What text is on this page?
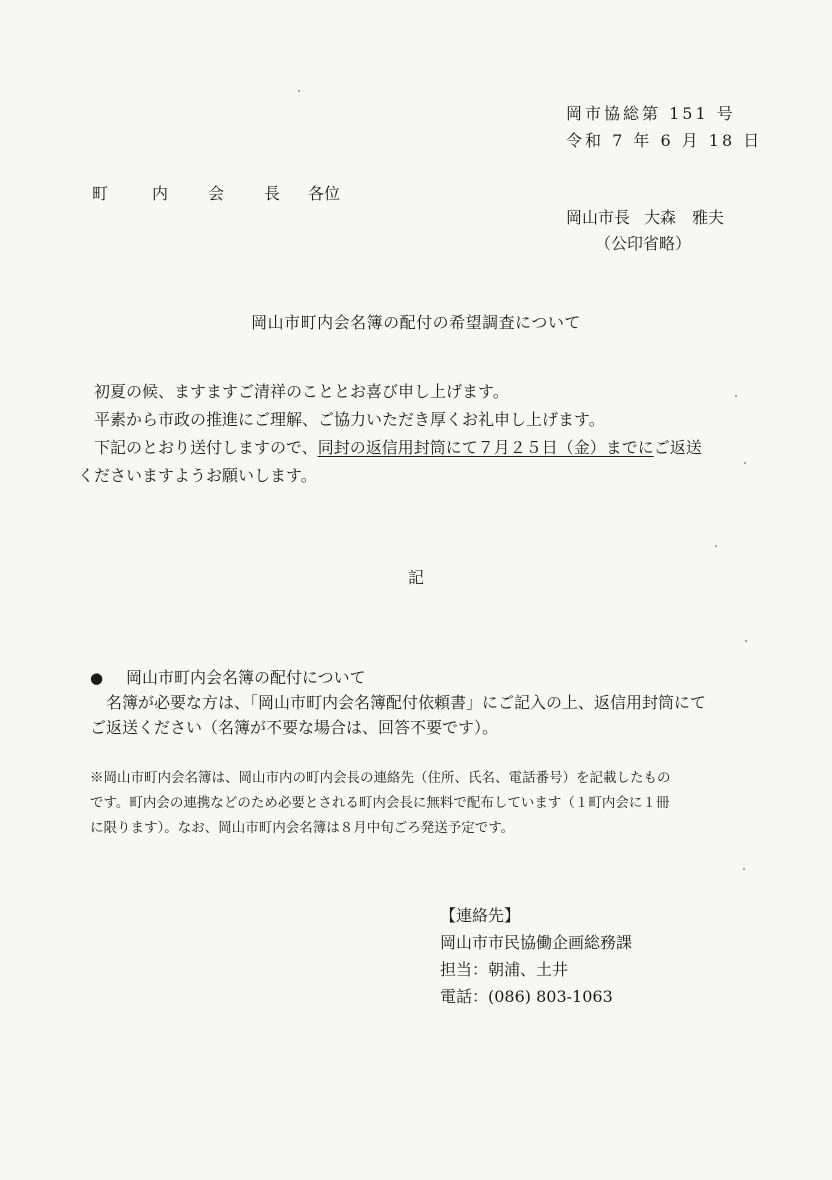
岡市協総第 151 号
令和 7 年 6 月 18 日
町	内	会	長	各位
岡山市長 大森　雅夫
（公印省略）
岡山市町内会名簿の配付の希望調査について
　初夏の候、ますますご清祥のこととお喜び申し上げます。
　平素から市政の推進にご理解、ご協力いただき厚くお礼申し上げます。
　下記のとおり送付しますので、同封の返信用封筒にて７月２５日（金）までにご返送
くださいますようお願いします。
記
● 岡山市町内会名簿の配付について
　名簿が必要な方は、「岡山市町内会名簿配付依頼書」にご記入の上、返信用封筒にて
ご返送ください（名簿が不要な場合は、回答不要です）。
※岡山市町内会名簿は、岡山市内の町内会長の連絡先（住所、氏名、電話番号）を記載したもの
です。町内会の連携などのため必要とされる町内会長に無料で配布しています（１町内会に１冊
に限ります）。なお、岡山市町内会名簿は８月中旬ごろ発送予定です。
【連絡先】
岡山市市民協働企画総務課
担当：朝浦、土井
電話：(086) 803-1063
